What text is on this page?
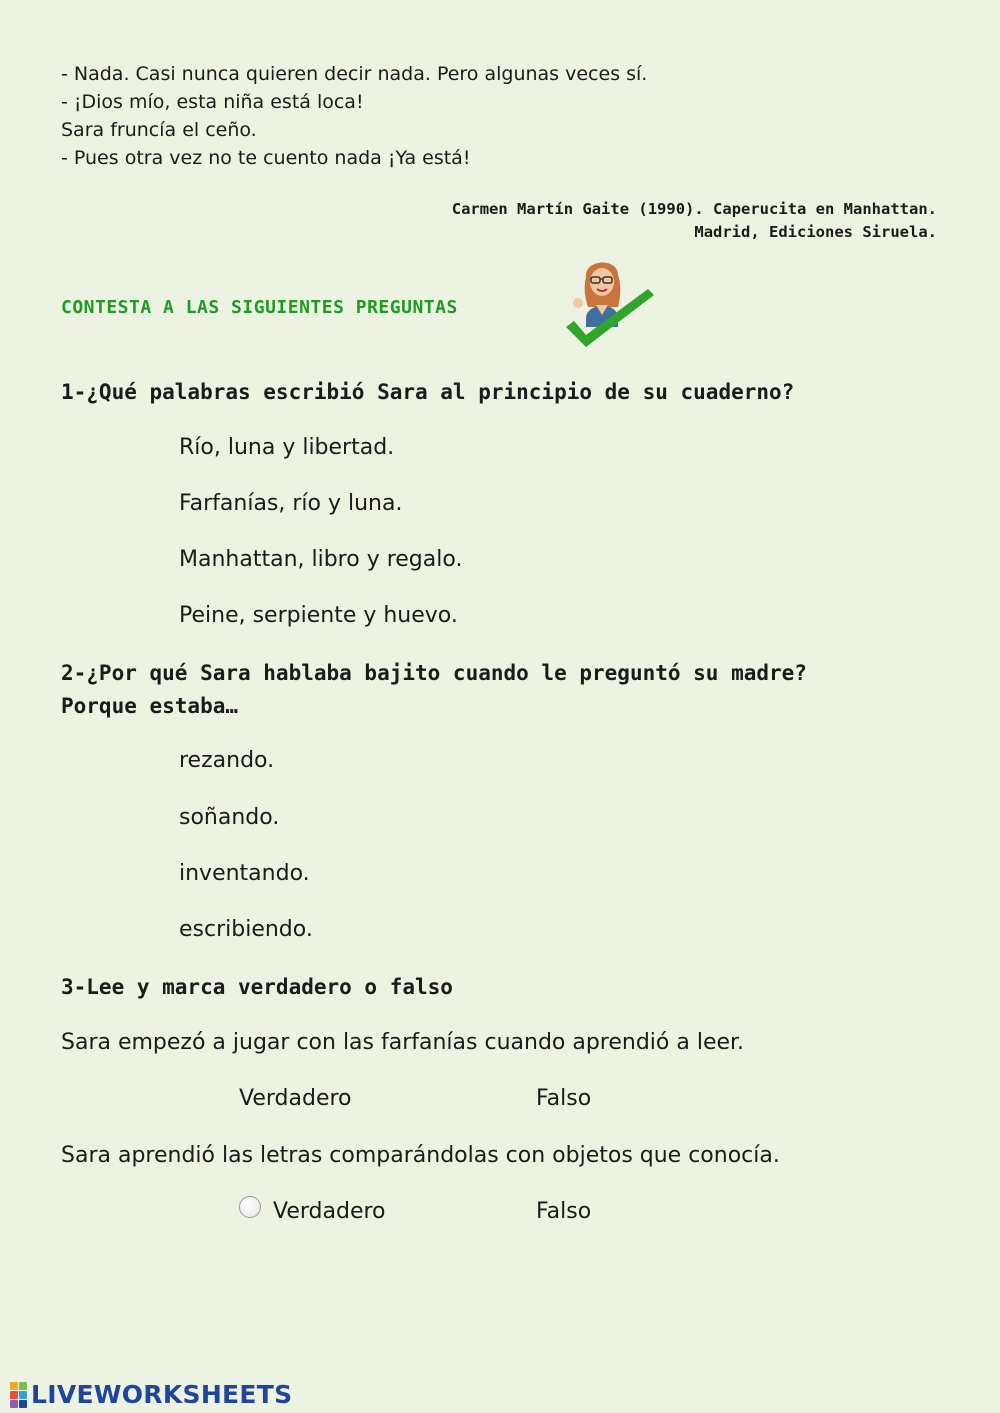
- Nada. Casi nunca quieren decir nada. Pero algunas veces sí.
- ¡Dios mío, esta niña está loca!
Sara fruncía el ceño.
- Pues otra vez no te cuento nada ¡Ya está!
Carmen Martín Gaite (1990). Caperucita en Manhattan.
Madrid, Ediciones Siruela.
CONTESTA A LAS SIGUIENTES PREGUNTAS
1-¿Qué palabras escribió Sara al principio de su cuaderno?
Río, luna y libertad.
Farfanías, río y luna.
Manhattan, libro y regalo.
Peine, serpiente y huevo.
2-¿Por qué Sara hablaba bajito cuando le preguntó su madre? Porque estaba…
rezando.
soñando.
inventando.
escribiendo.
3-Lee y marca verdadero o falso
Sara empezó a jugar con las farfanías cuando aprendió a leer.
Verdadero	Falso
Sara aprendió las letras comparándolas con objetos que conocía.
Verdadero	Falso
LIVEWORKSHEETS
